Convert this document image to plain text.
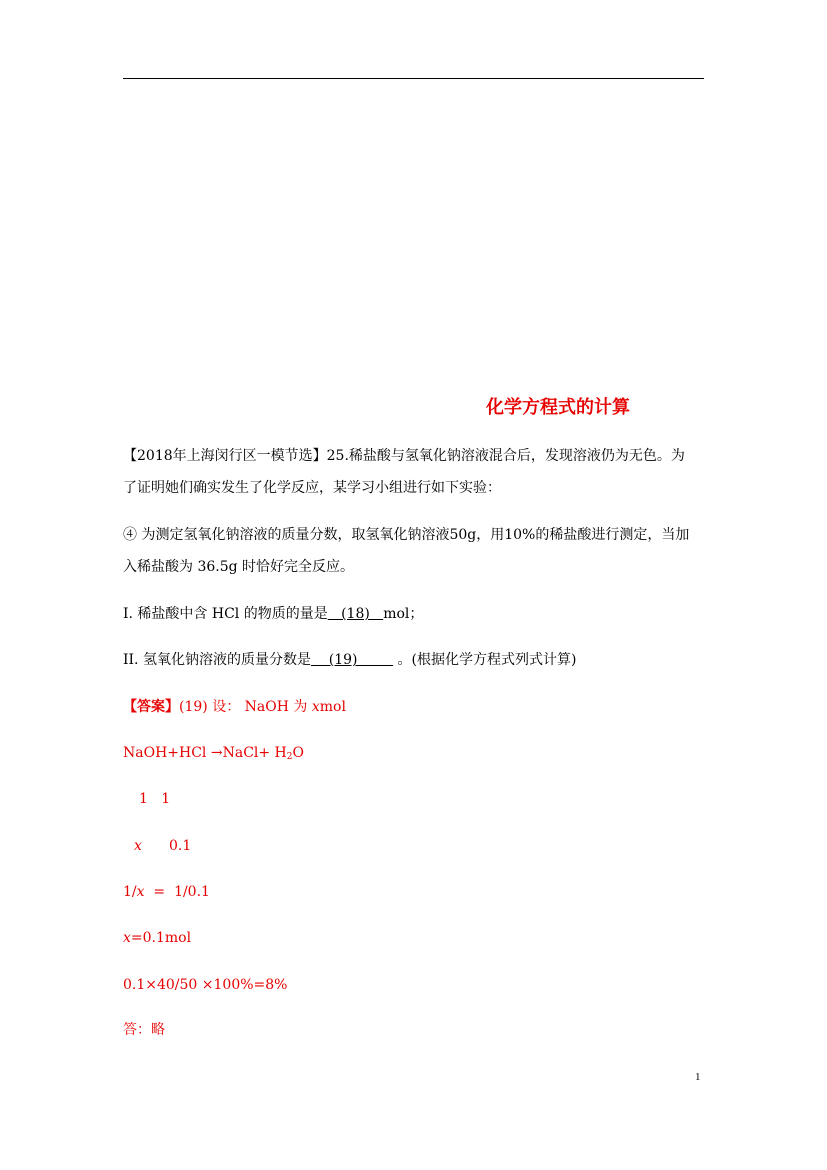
化学方程式的计算
【2018年上海闵行区一模节选】25.稀盐酸与氢氧化钠溶液混合后，发现溶液仍为无色。为
了证明她们确实发生了化学反应，某学习小组进行如下实验：
④ 为测定氢氧化钠溶液的质量分数，取氢氧化钠溶液50g，用10%的稀盐酸进行测定，当加
入稀盐酸为 36.5g 时恰好完全反应。
I. 稀盐酸中含 HCl 的物质的量是   (18)   mol；
II. 氢氧化钠溶液的质量分数是    (19)         。(根据化学方程式列式计算)
【答案】(19) 设： NaOH 为 xmol
NaOH+HCl →NaCl+ $H_2O$
1   1
x 0.1
1/x  =  1/0.1
x=0.1mol
0.1×40/50 ×100%=8%
答：略
1
